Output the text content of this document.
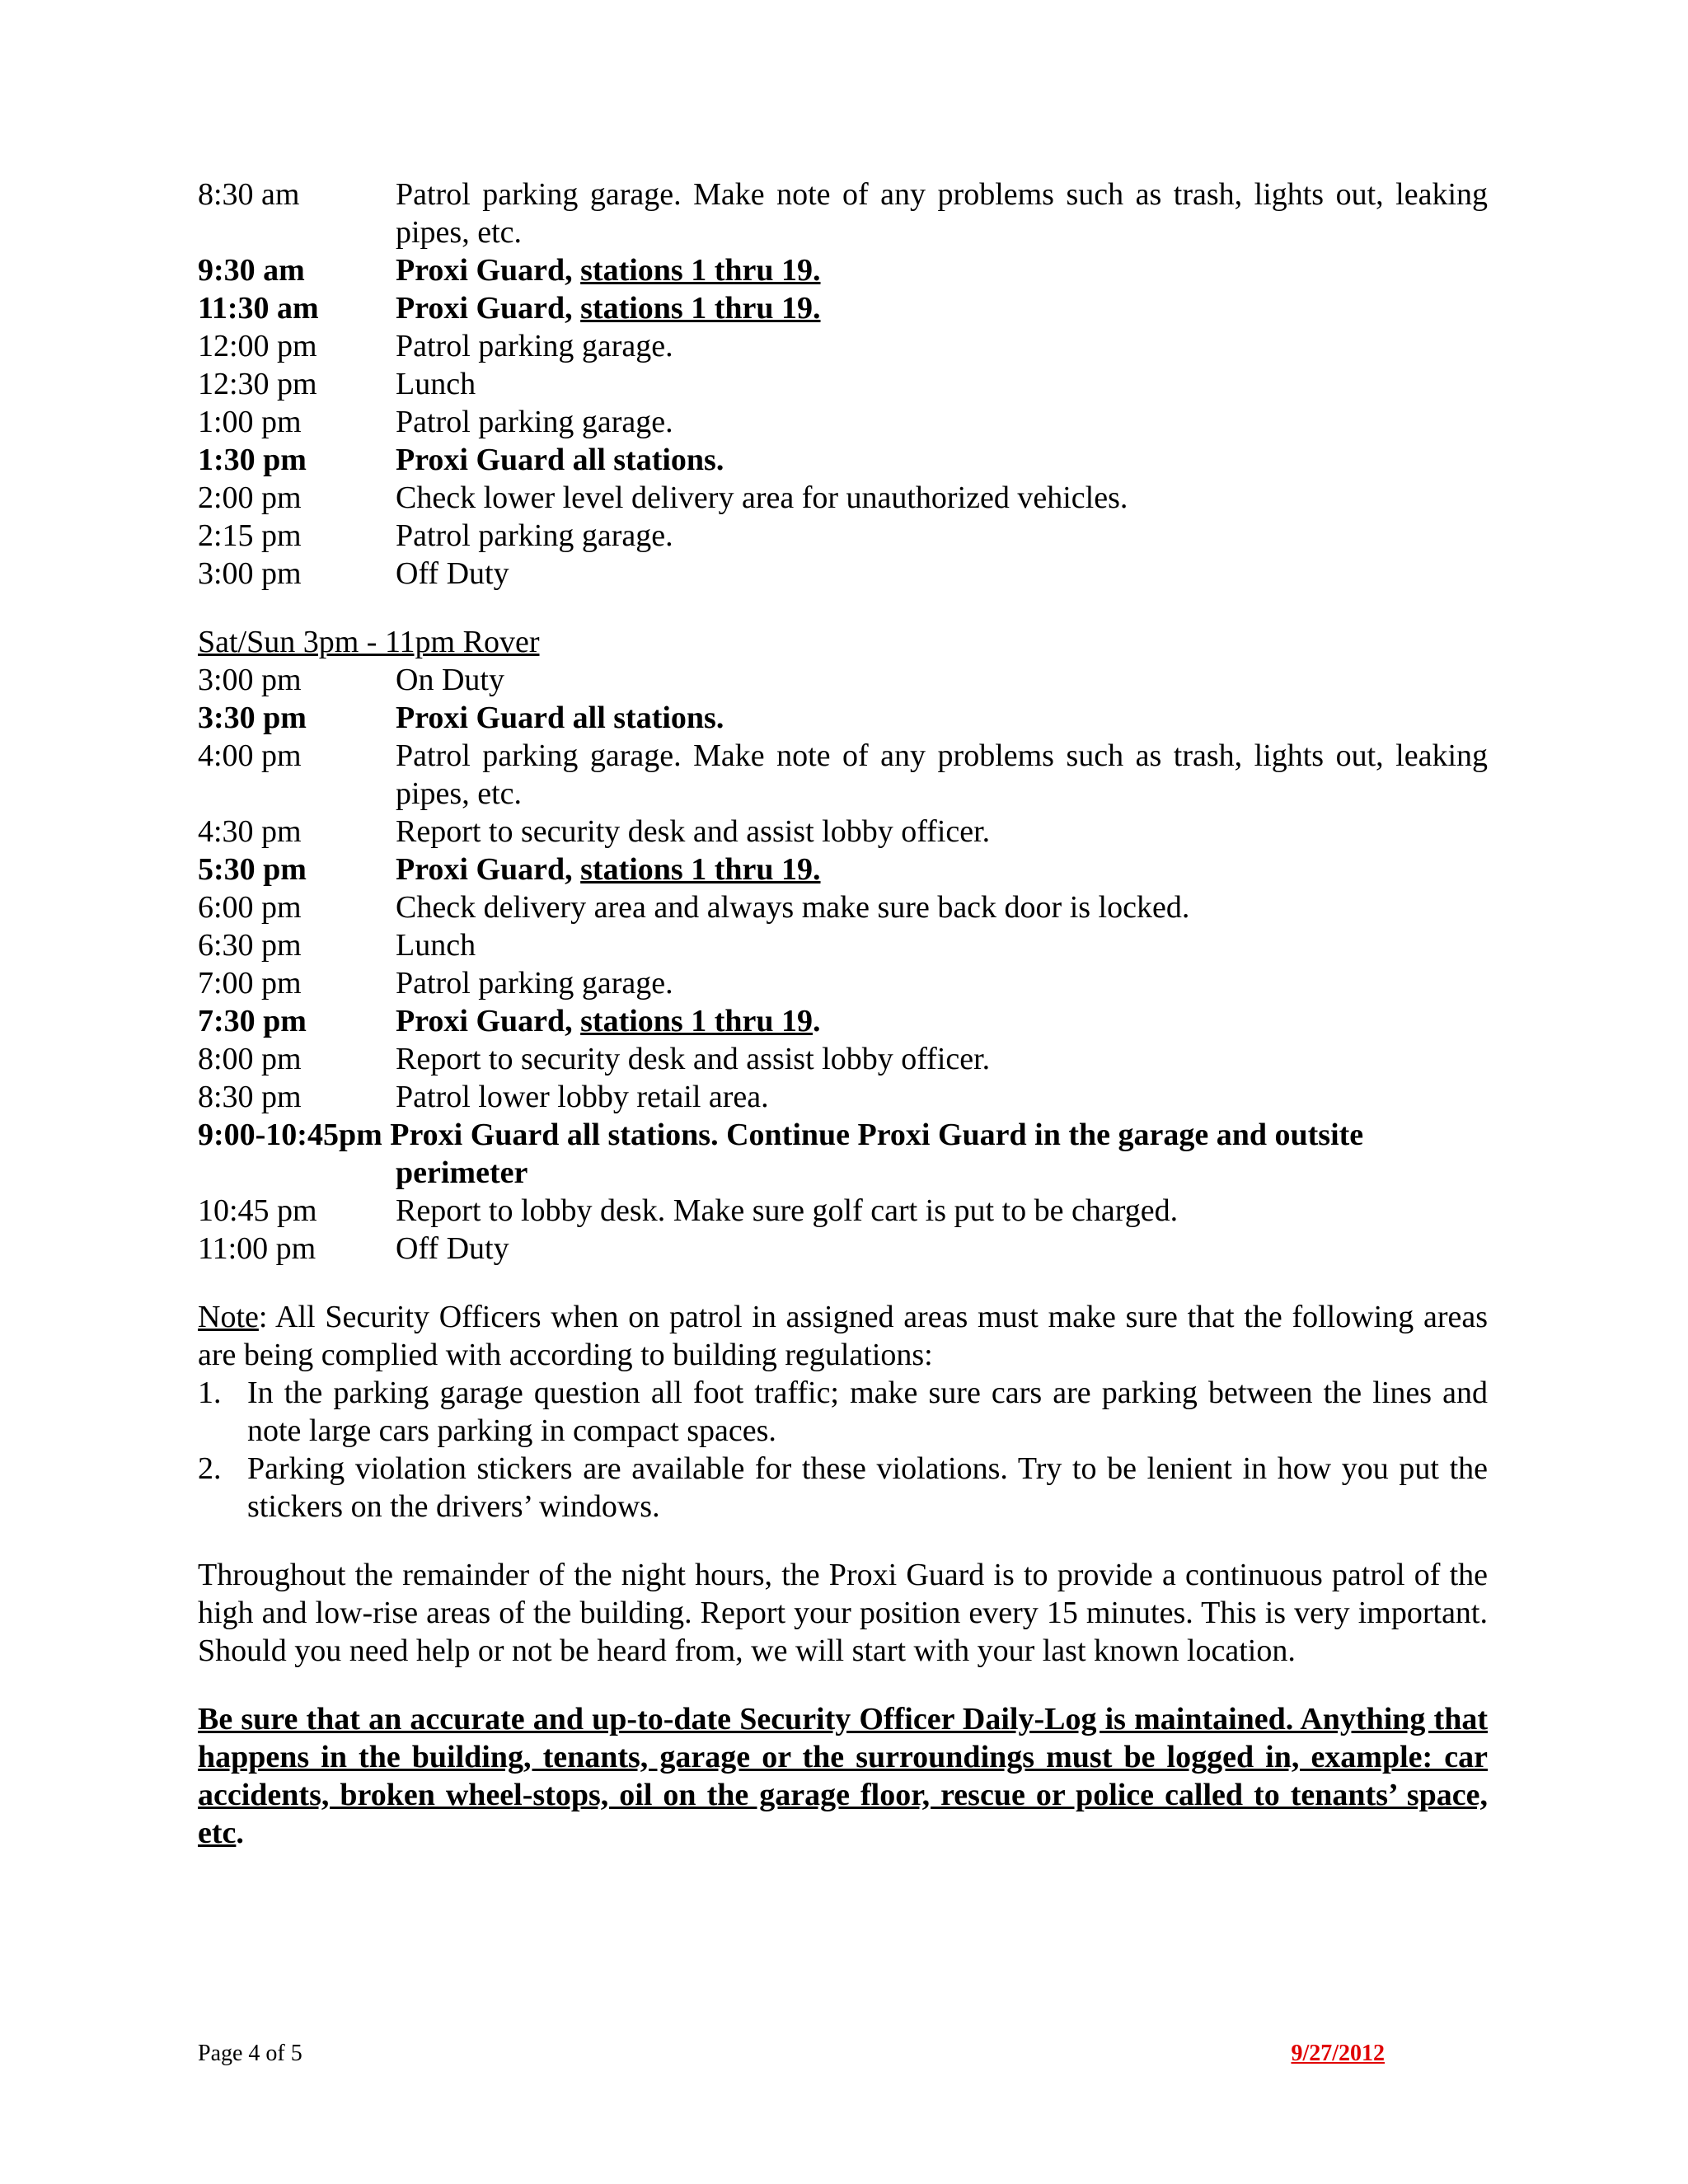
8:30 am	Patrol parking garage. Make note of any problems such as trash, lights out, leaking pipes, etc.
9:30 am	Proxi Guard, stations 1 thru 19.
11:30 am	Proxi Guard, stations 1 thru 19.
12:00 pm	Patrol parking garage.
12:30 pm	Lunch
1:00 pm	Patrol parking garage.
1:30 pm	Proxi Guard all stations.
2:00 pm	Check lower level delivery area for unauthorized vehicles.
2:15 pm	Patrol parking garage.
3:00 pm	Off Duty
Sat/Sun 3pm - 11pm Rover
3:00 pm	On Duty
3:30 pm	Proxi Guard all stations.
4:00 pm	Patrol parking garage. Make note of any problems such as trash, lights out, leaking pipes, etc.
4:30 pm	Report to security desk and assist lobby officer.
5:30 pm	Proxi Guard, stations 1 thru 19.
6:00 pm	Check delivery area and always make sure back door is locked.
6:30 pm	Lunch
7:00 pm	Patrol parking garage.
7:30 pm	Proxi Guard, stations 1 thru 19.
8:00 pm	Report to security desk and assist lobby officer.
8:30 pm	Patrol lower lobby retail area.
9:00-10:45pm Proxi Guard all stations. Continue Proxi Guard in the garage and outsite
perimeter
10:45 pm	Report to lobby desk. Make sure golf cart is put to be charged.
11:00 pm	Off Duty
Note: All Security Officers when on patrol in assigned areas must make sure that the following areas are being complied with according to building regulations:
1. In the parking garage question all foot traffic; make sure cars are parking between the lines and note large cars parking in compact spaces.
2. Parking violation stickers are available for these violations. Try to be lenient in how you put the stickers on the drivers’ windows.
Throughout the remainder of the night hours, the Proxi Guard is to provide a continuous patrol of the high and low-rise areas of the building. Report your position every 15 minutes. This is very important. Should you need help or not be heard from, we will start with your last known location.
Be sure that an accurate and up-to-date Security Officer Daily-Log is maintained. Anything that happens in the building, tenants, garage or the surroundings must be logged in, example: car accidents, broken wheel-stops, oil on the garage floor, rescue or police called to tenants’ space, etc.
Page 4 of 5	9/27/2012
